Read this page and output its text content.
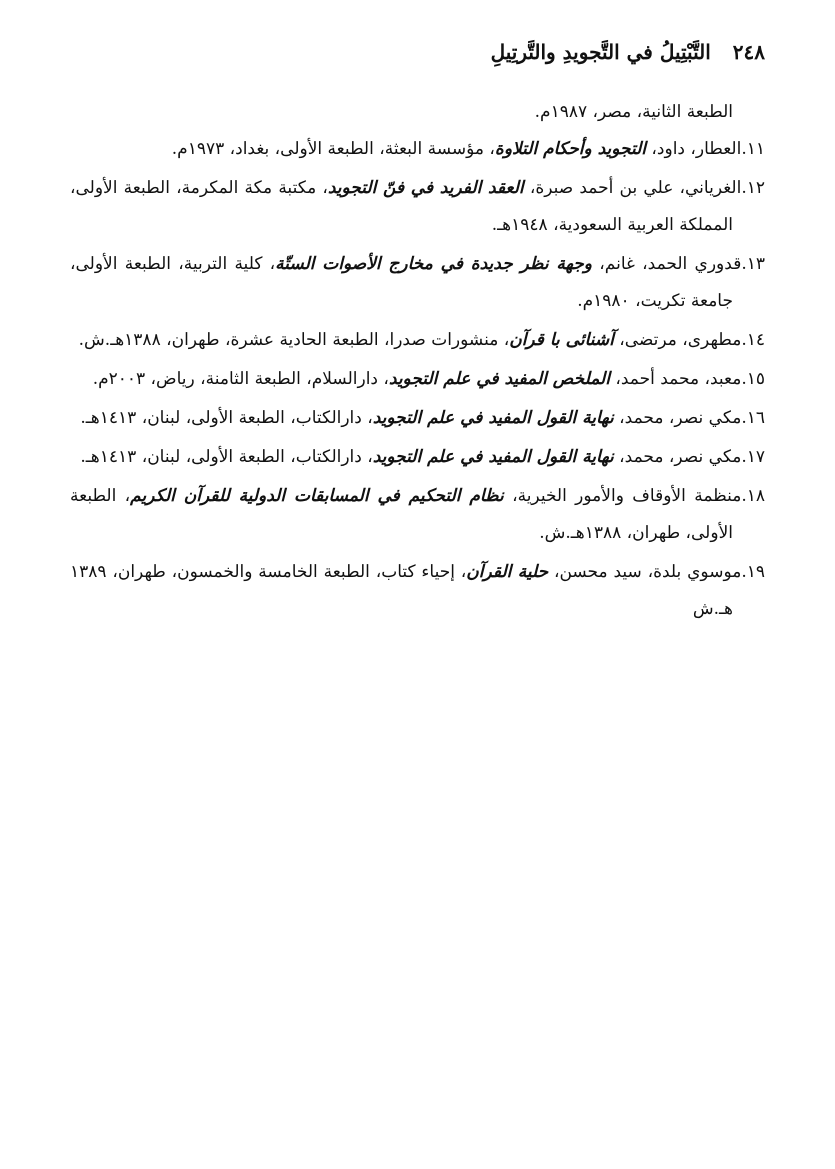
٢٤٨
التَّبْتِيلُ في التَّجويدِ والتَّرتِيلِ

الطبعة الثانية، مصر، ١٩٨٧م.

١١.العطار، داود، التجويد وأحكام التلاوة، مؤسسة البعثة، الطبعة الأولى، بغداد، ١٩٧٣م.

١٢.الغرياني، علي بن أحمد صبرة، العقد الفريد في فنّ التجويد، مكتبة مكة المكرمة، الطبعة الأولى، المملكة العربية السعودية، ١٩٤٨هـ.

١٣.قدوري الحمد، غانم، وجهة نظر جديدة في مخارج الأصوات الستّة، كلية التربية، الطبعة الأولى، جامعة تكريت، ١٩٨٠م.

١٤.مطهری، مرتضی، آشنائی با قرآن، منشورات صدرا، الطبعة الحادية عشرة، طهران، ١٣٨٨هـ.ش.

١٥.معبد، محمد أحمد، الملخص المفيد في علم التجويد، دارالسلام، الطبعة الثامنة، رياض، ٢٠٠٣م.

١٦.مكي نصر، محمد، نهاية القول المفيد في علم التجويد، دارالكتاب، الطبعة الأولى، لبنان، ١٤١٣هـ.

١٧.مكي نصر، محمد، نهاية القول المفيد في علم التجويد، دارالكتاب، الطبعة الأولى، لبنان، ١٤١٣هـ.

١٨.منظمة الأوقاف والأمور الخيرية، نظام التحكيم في المسابقات الدولية للقرآن الكريم، الطبعة الأولى، طهران، ١٣٨٨هـ.ش.

١٩.موسوي بلدة، سيد محسن، حلية القرآن، إحياء كتاب، الطبعة الخامسة والخمسون، طهران، ١٣٨٩ هـ.ش
